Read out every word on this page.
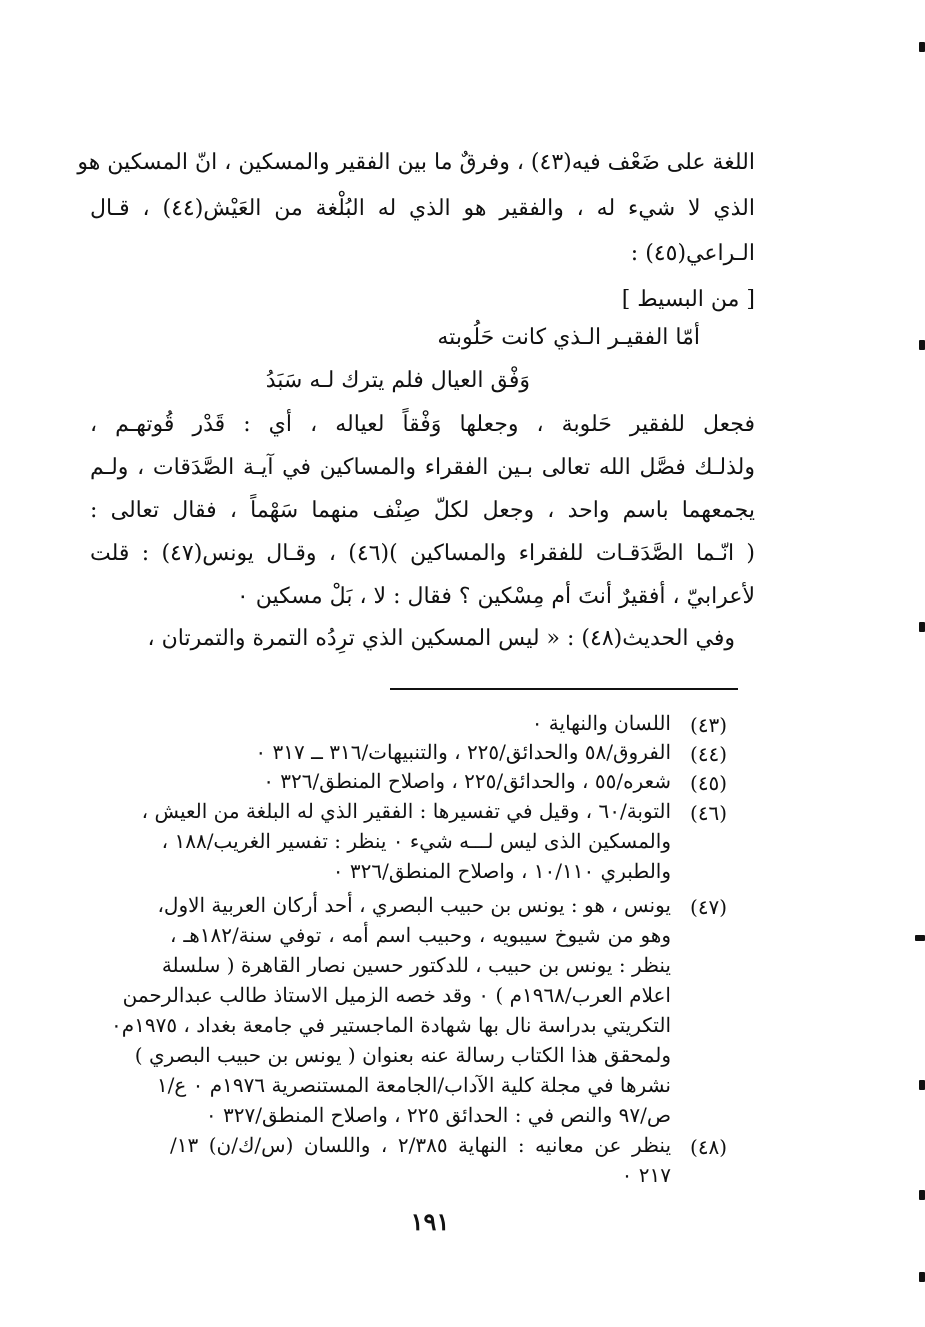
اللغة على ضَعْف فيه(٤٣) ، وفرقٌ ما بين الفقير والمسكين ، انّ المسكين هو
الذي لا شيء له ، والفقير هو الذي له البُلْغة من العَيْش(٤٤) ، قـال
الـراعي(٤٥) :
[ من البسيط ]
أمّا الفقيـر الـذي كانت حَلُوبته
وَفْق العيال فلم يترك لـه سَبَدُ
فجعل للفقير حَلوبة ، وجعلها وَفْقاً لعياله ، أي : قَدْر قُوتهـم ،
ولذلـك فصَّل الله تعالى بـين الفقراء والمساكين في آيـة الصَّدَقات ، ولـم
يجمعهما باسم واحد ، وجعل لكلّ صِنْف منهما سَهْماً ، فقال تعالى :
( انّـما الصَّدَقـات للفقراء والمساكين )(٤٦) ، وقـال يونس(٤٧) : قلت
لأعرابيّ ، أفقيرٌ أنتَ أم مِسْكين ؟ فقال : لا ، بَلْ مسكين ٠
وفي الحديث(٤٨) : « ليس المسكين الذي ترِدُه التمرة والتمرتان ،
(٤٣)
اللسان والنهاية ٠
(٤٤)
الفروق/٥٨ والحدائق/٢٢٥ ، والتنبيهات/٣١٦ ــ ٣١٧ ٠
(٤٥)
شعره/٥٥ ، والحدائق/٢٢٥ ، واصلاح المنطق/٣٢٦ ٠
(٤٦)
التوبة/٦٠ ، وقيل في تفسيرها : الفقير الذي له البلغة من العيش ،
والمسكين الذى ليس لـــه شيء ٠ ينظر : تفسير الغريب/١٨٨ ،
والطبري ١٠/١١٠ ، واصلاح المنطق/٣٢٦ ٠
(٤٧)
يونس ، هو : يونس بن حبيب البصري ، أحد أركان العربية الاول،
وهو من شيوخ سيبويه ، وحبيب اسم أمه ، توفي سنة/١٨٢هـ ،
ينظر : يونس بن حبيب ، للدكتور حسين نصار القاهرة ( سلسلة
اعلام العرب/١٩٦٨م ) ٠ وقد خصه الزميل الاستاذ طالب عبدالرحمن
التكريتي بدراسة نال بها شهادة الماجستير في جامعة بغداد ، ١٩٧٥م٠
ولمحقق هذا الكتاب رسالة عنه بعنوان ( يونس بن حبيب البصري )
نشرها في مجلة كلية الآداب/الجامعة المستنصرية ١٩٧٦م ٠ ع/١
ص/٩٧ والنص في : الحدائق ٢٢٥ ، واصلاح المنطق/٣٢٧ ٠
(٤٨)
ينظر عن معانيه : النهاية ٢/٣٨٥ ، واللسان (س/ك/ن) ١٣/
٢١٧ ٠
١٩١
